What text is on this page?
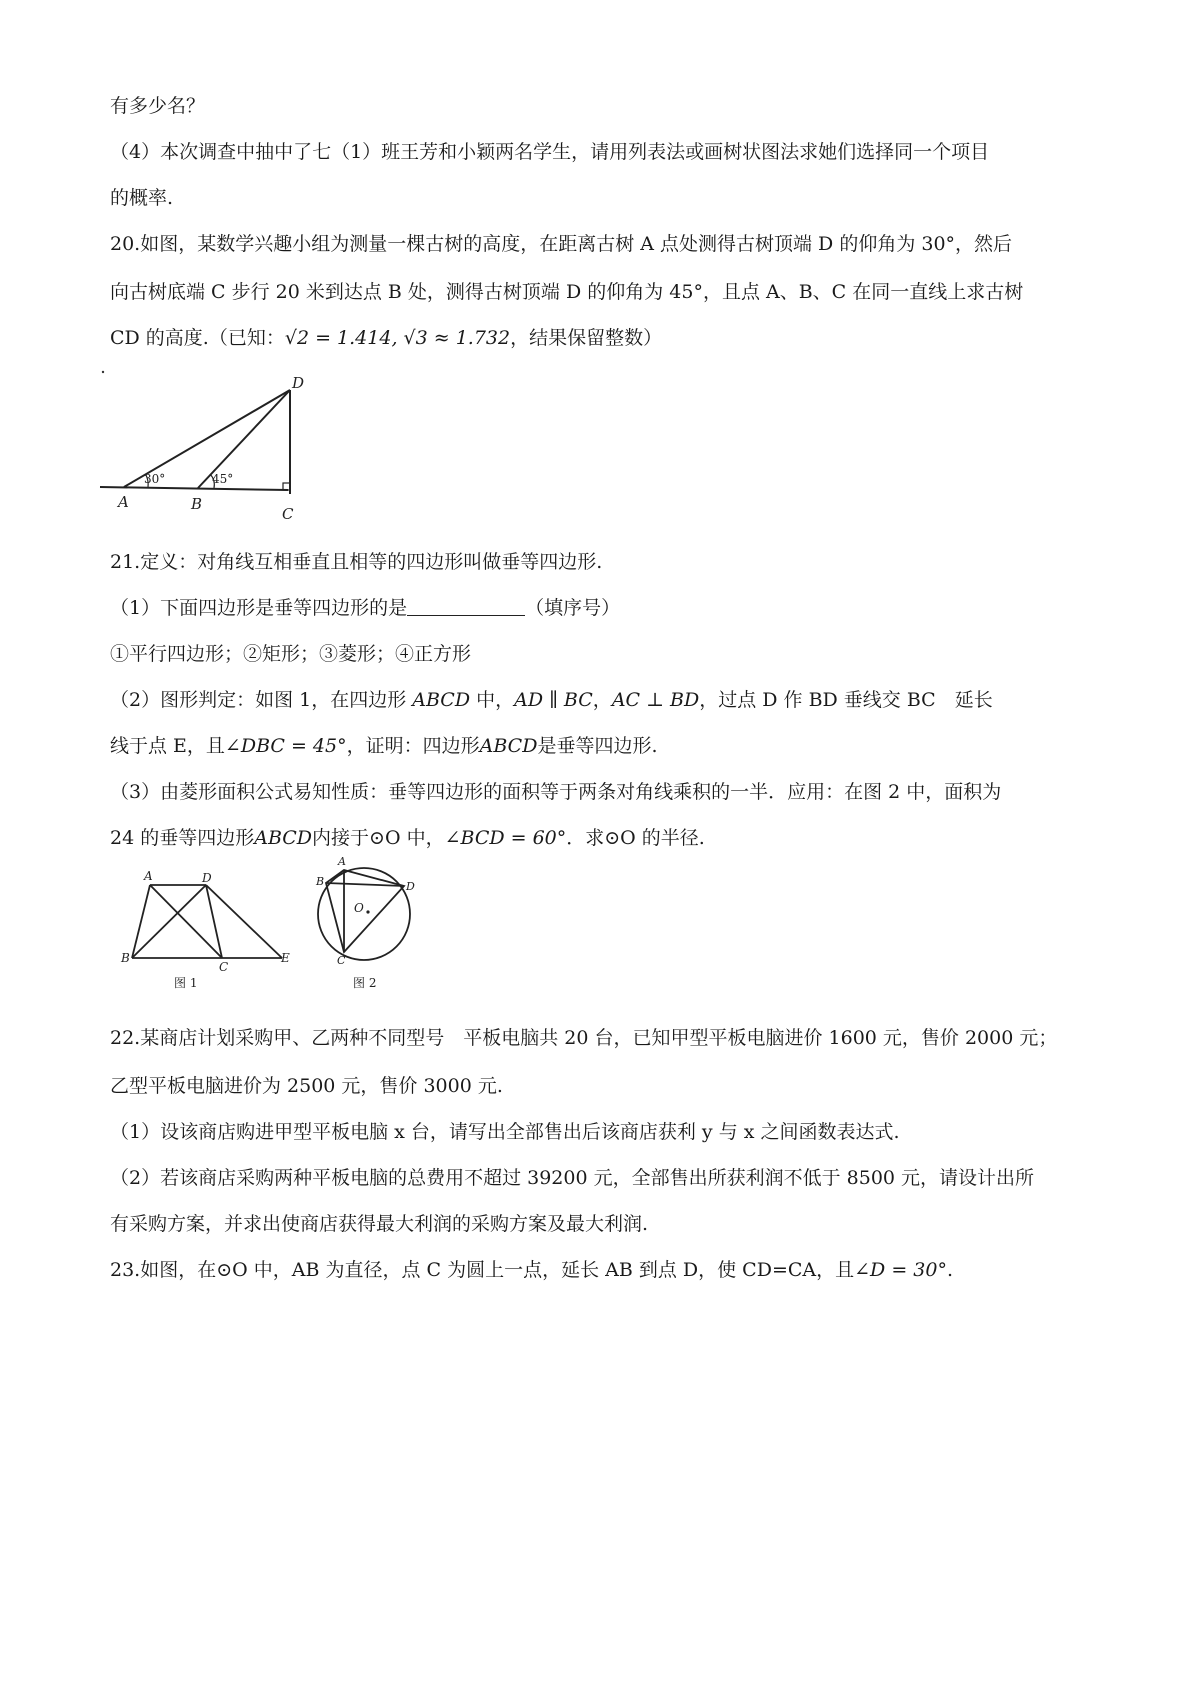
有多少名？
（4）本次调查中抽中了七（1）班王芳和小颖两名学生，请用列表法或画树状图法求她们选择同一个项目
的概率.
20.如图，某数学兴趣小组为测量一棵古树的高度，在距离古树 A 点处测得古树顶端 D 的仰角为 30°，然后
向古树底端 C 步行 20 米到达点 B 处，测得古树顶端 D 的仰角为 45°，且点 A、B、C 在同一直线上求古树
CD 的高度.（已知：√2 = 1.414, √3 ≈ 1.732，结果保留整数）
30°	45°
D
A	B
C
21.定义：对角线互相垂直且相等的四边形叫做垂等四边形.
（1）下面四边形是垂等四边形的是	（填序号）
①平行四边形；②矩形；③菱形；④正方形
（2）图形判定：如图 1，在四边形 ABCD 中，AD ∥ BC，AC ⊥ BD，过点 D 作 BD 垂线交 BC　延长
线于点 E，且∠DBC = 45°，证明：四边形ABCD是垂等四边形.
（3）由菱形面积公式易知性质：垂等四边形的面积等于两条对角线乘积的一半．应用：在图 2 中，面积为
24 的垂等四边形ABCD内接于⊙O 中，∠BCD = 60°．求⊙O 的半径.
A	D
B
C
E
图 1
A
B	D
C
O
图 2
22.某商店计划采购甲、乙两种不同型号　平板电脑共 20 台，已知甲型平板电脑进价 1600 元，售价 2000 元；
乙型平板电脑进价为 2500 元，售价 3000 元.
（1）设该商店购进甲型平板电脑 x 台，请写出全部售出后该商店获利 y 与 x 之间函数表达式.
（2）若该商店采购两种平板电脑的总费用不超过 39200 元，全部售出所获利润不低于 8500 元，请设计出所
有采购方案，并求出使商店获得最大利润的采购方案及最大利润.
23.如图，在⊙O 中，AB 为直径，点 C 为圆上一点，延长 AB 到点 D，使 CD=CA，且∠D = 30°.
